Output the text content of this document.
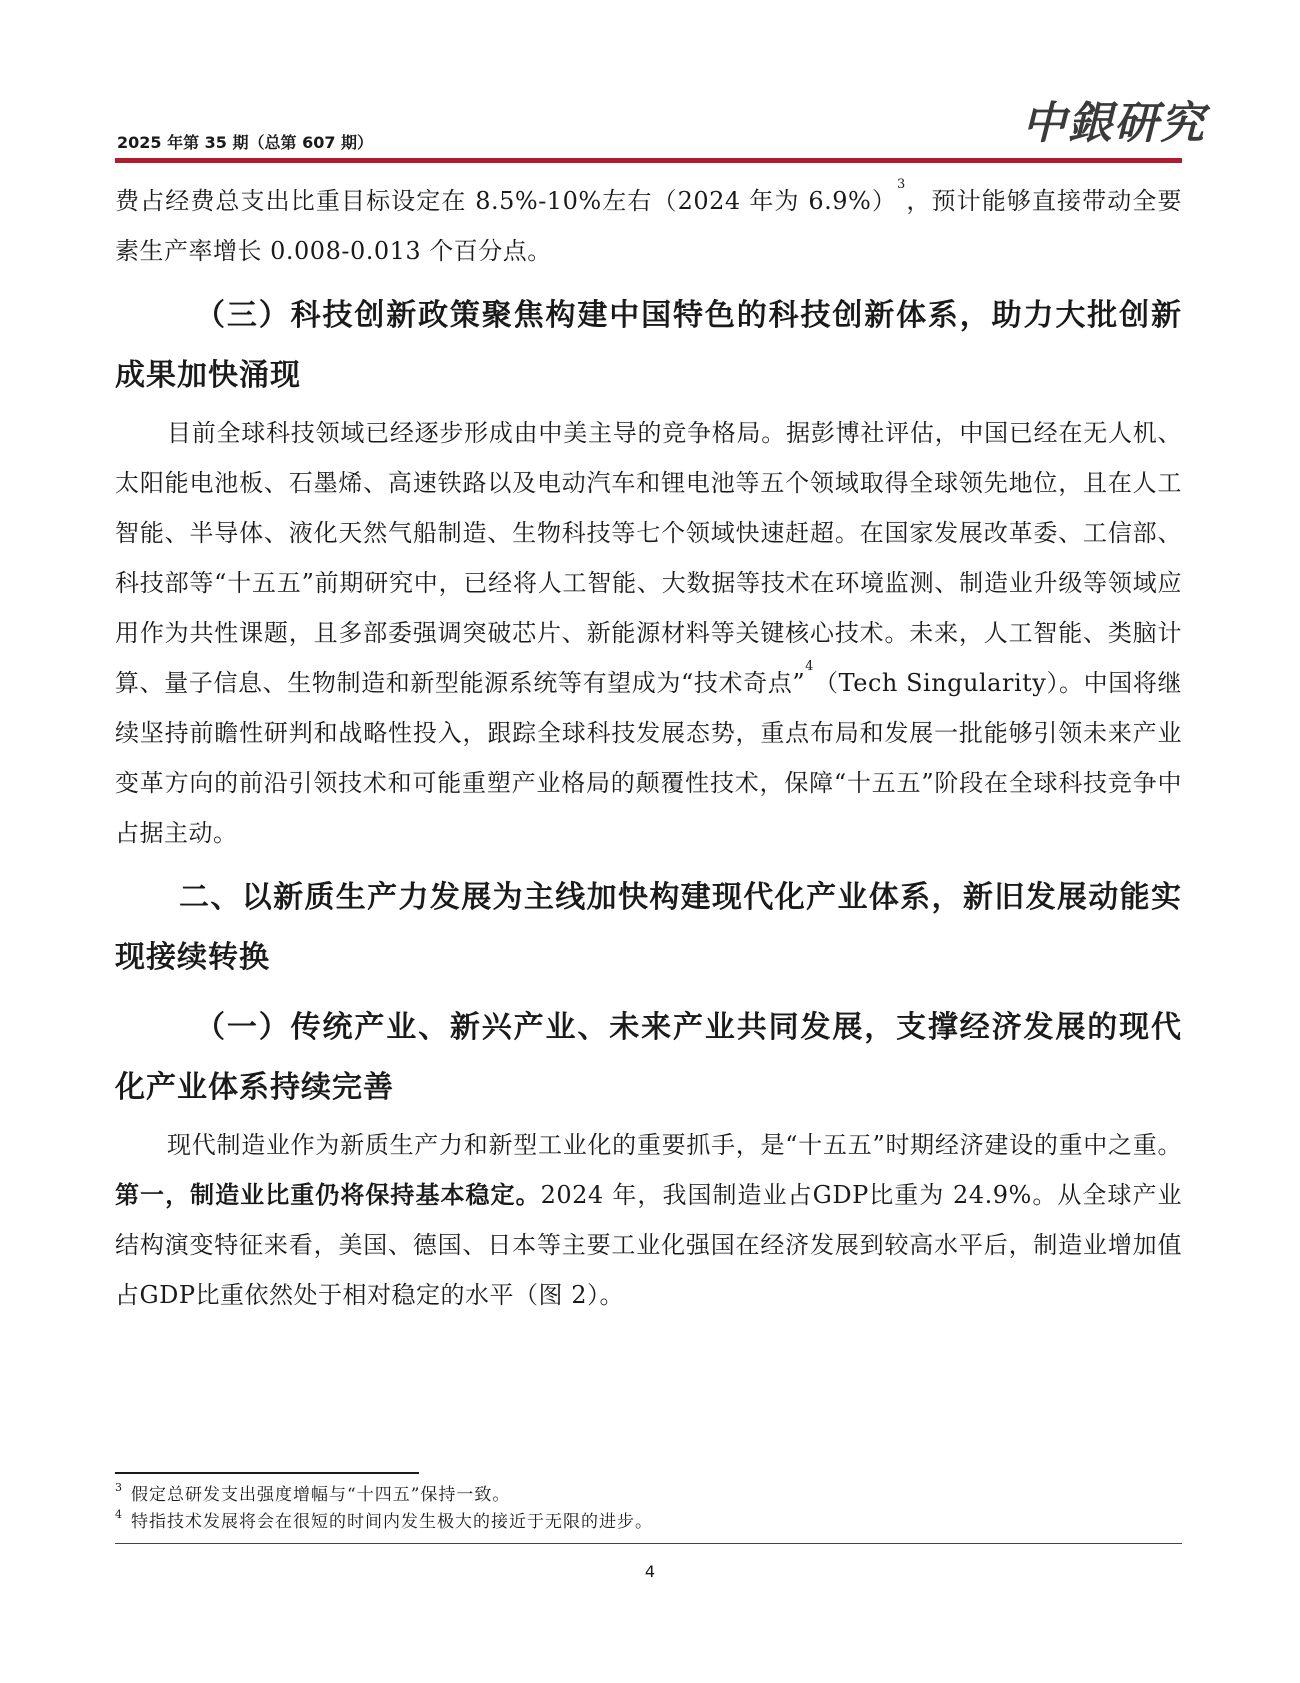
2025 年第 35 期（总第 607 期）	中銀研究

费占经费总支出比重目标设定在 8.5%-10%左右（2024 年为 6.9%）$^3$，预计能够直接带动全要素生产率增长 0.008-0.013 个百分点。

（三）科技创新政策聚焦构建中国特色的科技创新体系，助力大批创新成果加快涌现

目前全球科技领域已经逐步形成由中美主导的竞争格局。据彭博社评估，中国已经在无人机、太阳能电池板、石墨烯、高速铁路以及电动汽车和锂电池等五个领域取得全球领先地位，且在人工智能、半导体、液化天然气船制造、生物科技等七个领域快速赶超。在国家发展改革委、工信部、科技部等“十五五”前期研究中，已经将人工智能、大数据等技术在环境监测、制造业升级等领域应用作为共性课题，且多部委强调突破芯片、新能源材料等关键核心技术。未来，人工智能、类脑计算、量子信息、生物制造和新型能源系统等有望成为“技术奇点”$^4$（Tech Singularity）。中国将继续坚持前瞻性研判和战略性投入，跟踪全球科技发展态势，重点布局和发展一批能够引领未来产业变革方向的前沿引领技术和可能重塑产业格局的颠覆性技术，保障“十五五”阶段在全球科技竞争中占据主动。

二、以新质生产力发展为主线加快构建现代化产业体系，新旧发展动能实现接续转换
（一）传统产业、新兴产业、未来产业共同发展，支撑经济发展的现代化产业体系持续完善

现代制造业作为新质生产力和新型工业化的重要抓手，是“十五五”时期经济建设的重中之重。第一，制造业比重仍将保持基本稳定。2024 年，我国制造业占GDP比重为 24.9%。从全球产业结构演变特征来看，美国、德国、日本等主要工业化强国在经济发展到较高水平后，制造业增加值占GDP比重依然处于相对稳定的水平（图 2）。

$^3$ 假定总研发支出强度增幅与“十四五”保持一致。

$^4$ 特指技术发展将会在很短的时间内发生极大的接近于无限的进步。

4
